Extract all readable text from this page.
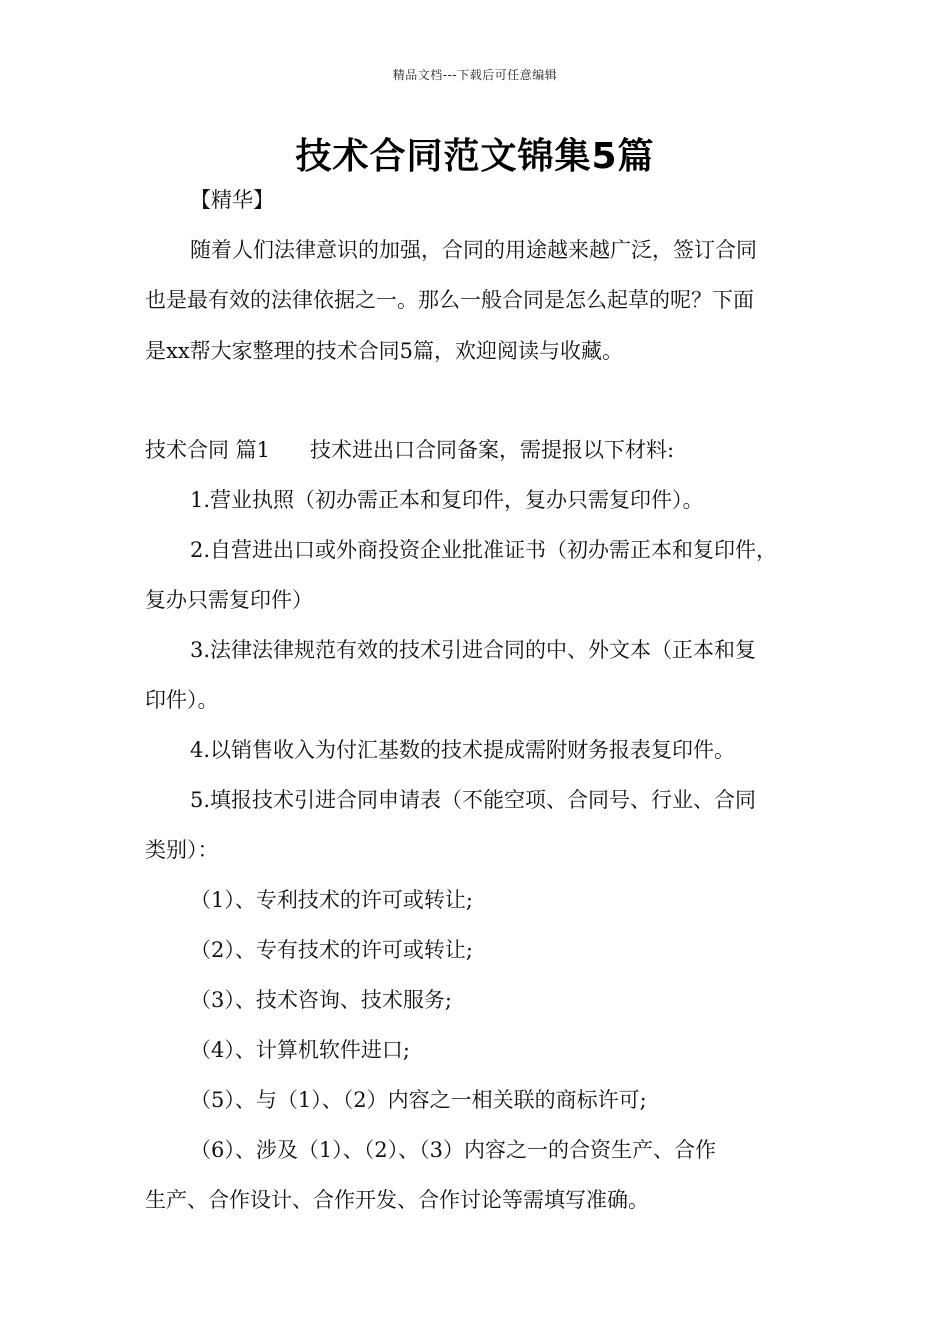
精品文档---下载后可任意编辑
技术合同范文锦集5篇
【精华】
随着人们法律意识的加强，合同的用途越来越广泛，签订合同
也是最有效的法律依据之一。那么一般合同是怎么起草的呢？下面
是xx帮大家整理的技术合同5篇，欢迎阅读与收藏。
技术合同 篇1 技术进出口合同备案，需提报以下材料:
1.营业执照（初办需正本和复印件，复办只需复印件）。
2.自营进出口或外商投资企业批准证书（初办需正本和复印件，
复办只需复印件）
3.法律法律规范有效的技术引进合同的中、外文本（正本和复
印件）。
4.以销售收入为付汇基数的技术提成需附财务报表复印件。
5.填报技术引进合同申请表（不能空项、合同号、行业、合同
类别）：
（1）、专利技术的许可或转让;
（2）、专有技术的许可或转让;
（3）、技术咨询、技术服务;
（4）、计算机软件进口;
（5）、与（1）、（2）内容之一相关联的商标许可;
（6）、涉及（1）、（2）、（3）内容之一的合资生产、合作
生产、合作设计、合作开发、合作讨论等需填写准确。
